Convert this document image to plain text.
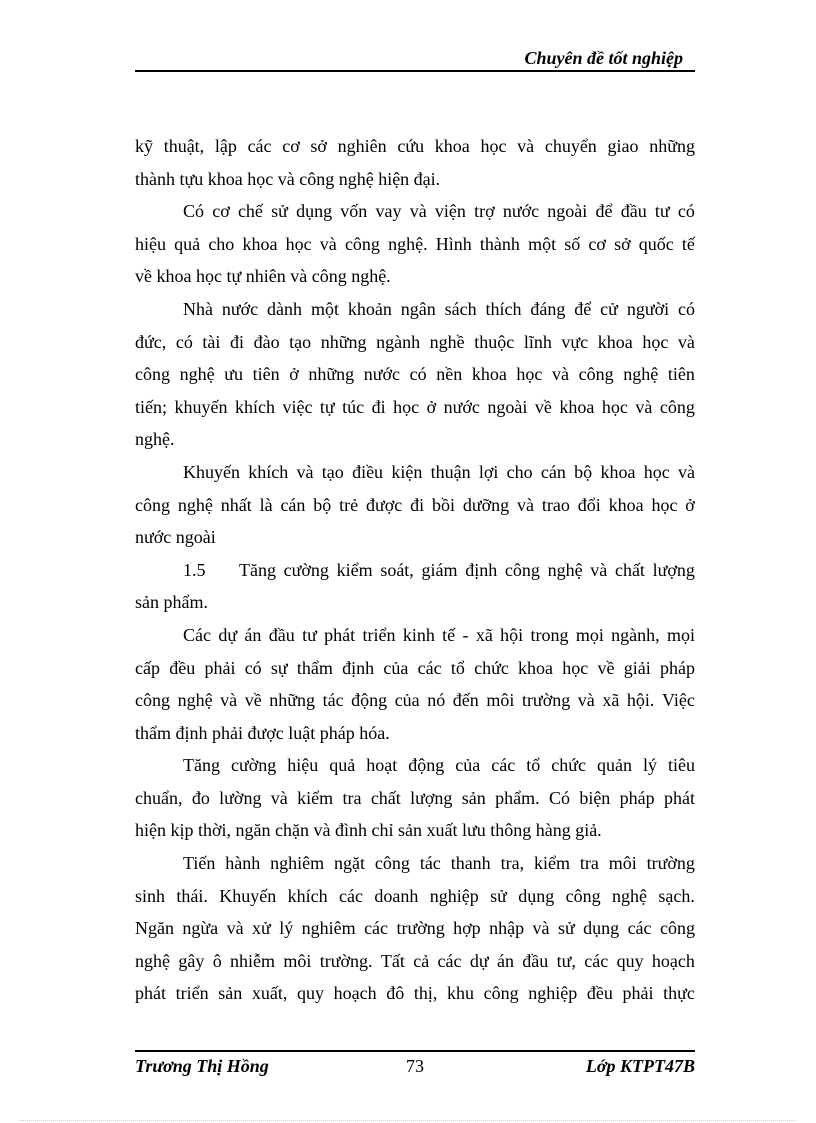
Chuyên đề tốt nghiệp
kỹ thuật, lập các cơ sở nghiên cứu khoa học và chuyển giao những
thành tựu khoa học và công nghệ hiện đại.
Có cơ chế sử dụng vốn vay và viện trợ nước ngoài để đầu tư có
hiệu quả cho khoa học và công nghệ. Hình thành một số cơ sở quốc tế
về khoa học tự nhiên và công nghệ.
Nhà nước dành một khoản ngân sách thích đáng để cử người có
đức, có tài đi đào tạo những ngành nghề thuộc lĩnh vực khoa học và
công nghệ ưu tiên ở những nước có nền khoa học và công nghệ tiên
tiến; khuyến khích việc tự túc đi học ở nước ngoài về khoa học và công
nghệ.
Khuyến khích và tạo điều kiện thuận lợi cho cán bộ khoa học và
công nghệ nhất là cán bộ trẻ được đi bồi dưỡng và trao đổi khoa học ở
nước ngoài
1.5	Tăng cường kiểm soát, giám định công nghệ và chất lượng
sản phẩm.
Các dự án đầu tư phát triển kinh tế - xã hội trong mọi ngành, mọi
cấp đều phải có sự thẩm định của các tổ chức khoa học về giải pháp
công nghệ và về những tác động của nó đến môi trường và xã hội. Việc
thẩm định phải được luật pháp hóa.
Tăng cường hiệu quả hoạt động của các tổ chức quản lý tiêu
chuẩn, đo lường và kiểm tra chất lượng sản phẩm. Có biện pháp phát
hiện kịp thời, ngăn chặn và đình chỉ sản xuất lưu thông hàng giả.
Tiến hành nghiêm ngặt công tác thanh tra, kiểm tra môi trường
sinh thái. Khuyến khích các doanh nghiệp sử dụng công nghệ sạch.
Ngăn ngừa và xử lý nghiêm các trường hợp nhập và sử dụng các công
nghệ gây ô nhiễm môi trường. Tất cả các dự án đầu tư, các quy hoạch
phát triển sản xuất, quy hoạch đô thị, khu công nghiệp đều phải thực
Trương Thị Hồng	73	Lớp KTPT47B
